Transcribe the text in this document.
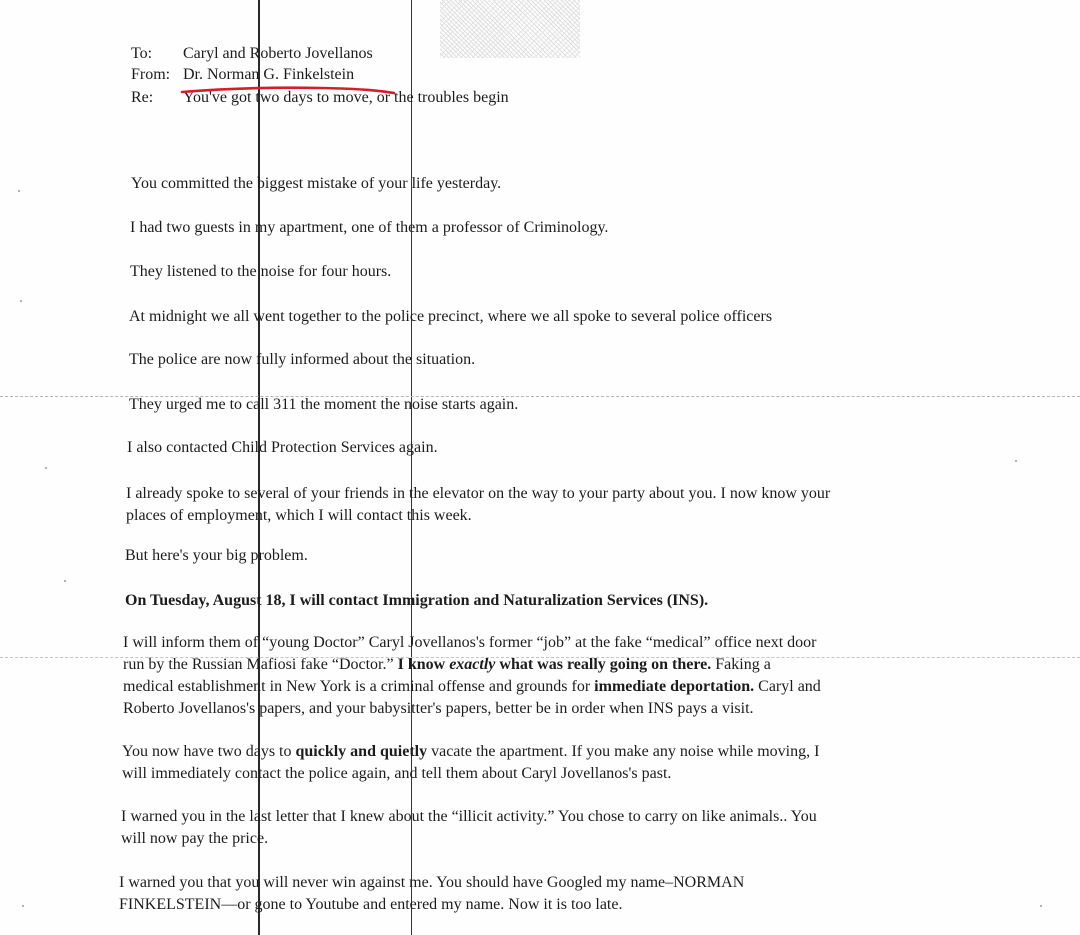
To: Caryl and Roberto Jovellanos
From: Dr. Norman G. Finkelstein
Re: You've got two days to move, or the troubles begin
You committed the biggest mistake of your life yesterday.
I had two guests in my apartment, one of them a professor of Criminology.
They listened to the noise for four hours.
At midnight we all went together to the police precinct, where we all spoke to several police officers
The police are now fully informed about the situation.
They urged me to call 311 the moment the noise starts again.
I also contacted Child Protection Services again.
I already spoke to several of your friends in the elevator on the way to your party about you. I now know your
places of employment, which I will contact this week.
But here's your big problem.
On Tuesday, August 18, I will contact Immigration and Naturalization Services (INS).
I will inform them of “young Doctor” Caryl Jovellanos's former “job” at the fake “medical” office next door
run by the Russian Mafiosi fake “Doctor.” I know exactly what was really going on there. Faking a
medical establishment in New York is a criminal offense and grounds for immediate deportation. Caryl and
Roberto Jovellanos's papers, and your babysitter's papers, better be in order when INS pays a visit.
You now have two days to quickly and quietly vacate the apartment. If you make any noise while moving, I
will immediately contact the police again, and tell them about Caryl Jovellanos's past.
I warned you in the last letter that I knew about the “illicit activity.” You chose to carry on like animals.. You
will now pay the price.
I warned you that you will never win against me. You should have Googled my name–NORMAN
FINKELSTEIN—or gone to Youtube and entered my name. Now it is too late.
